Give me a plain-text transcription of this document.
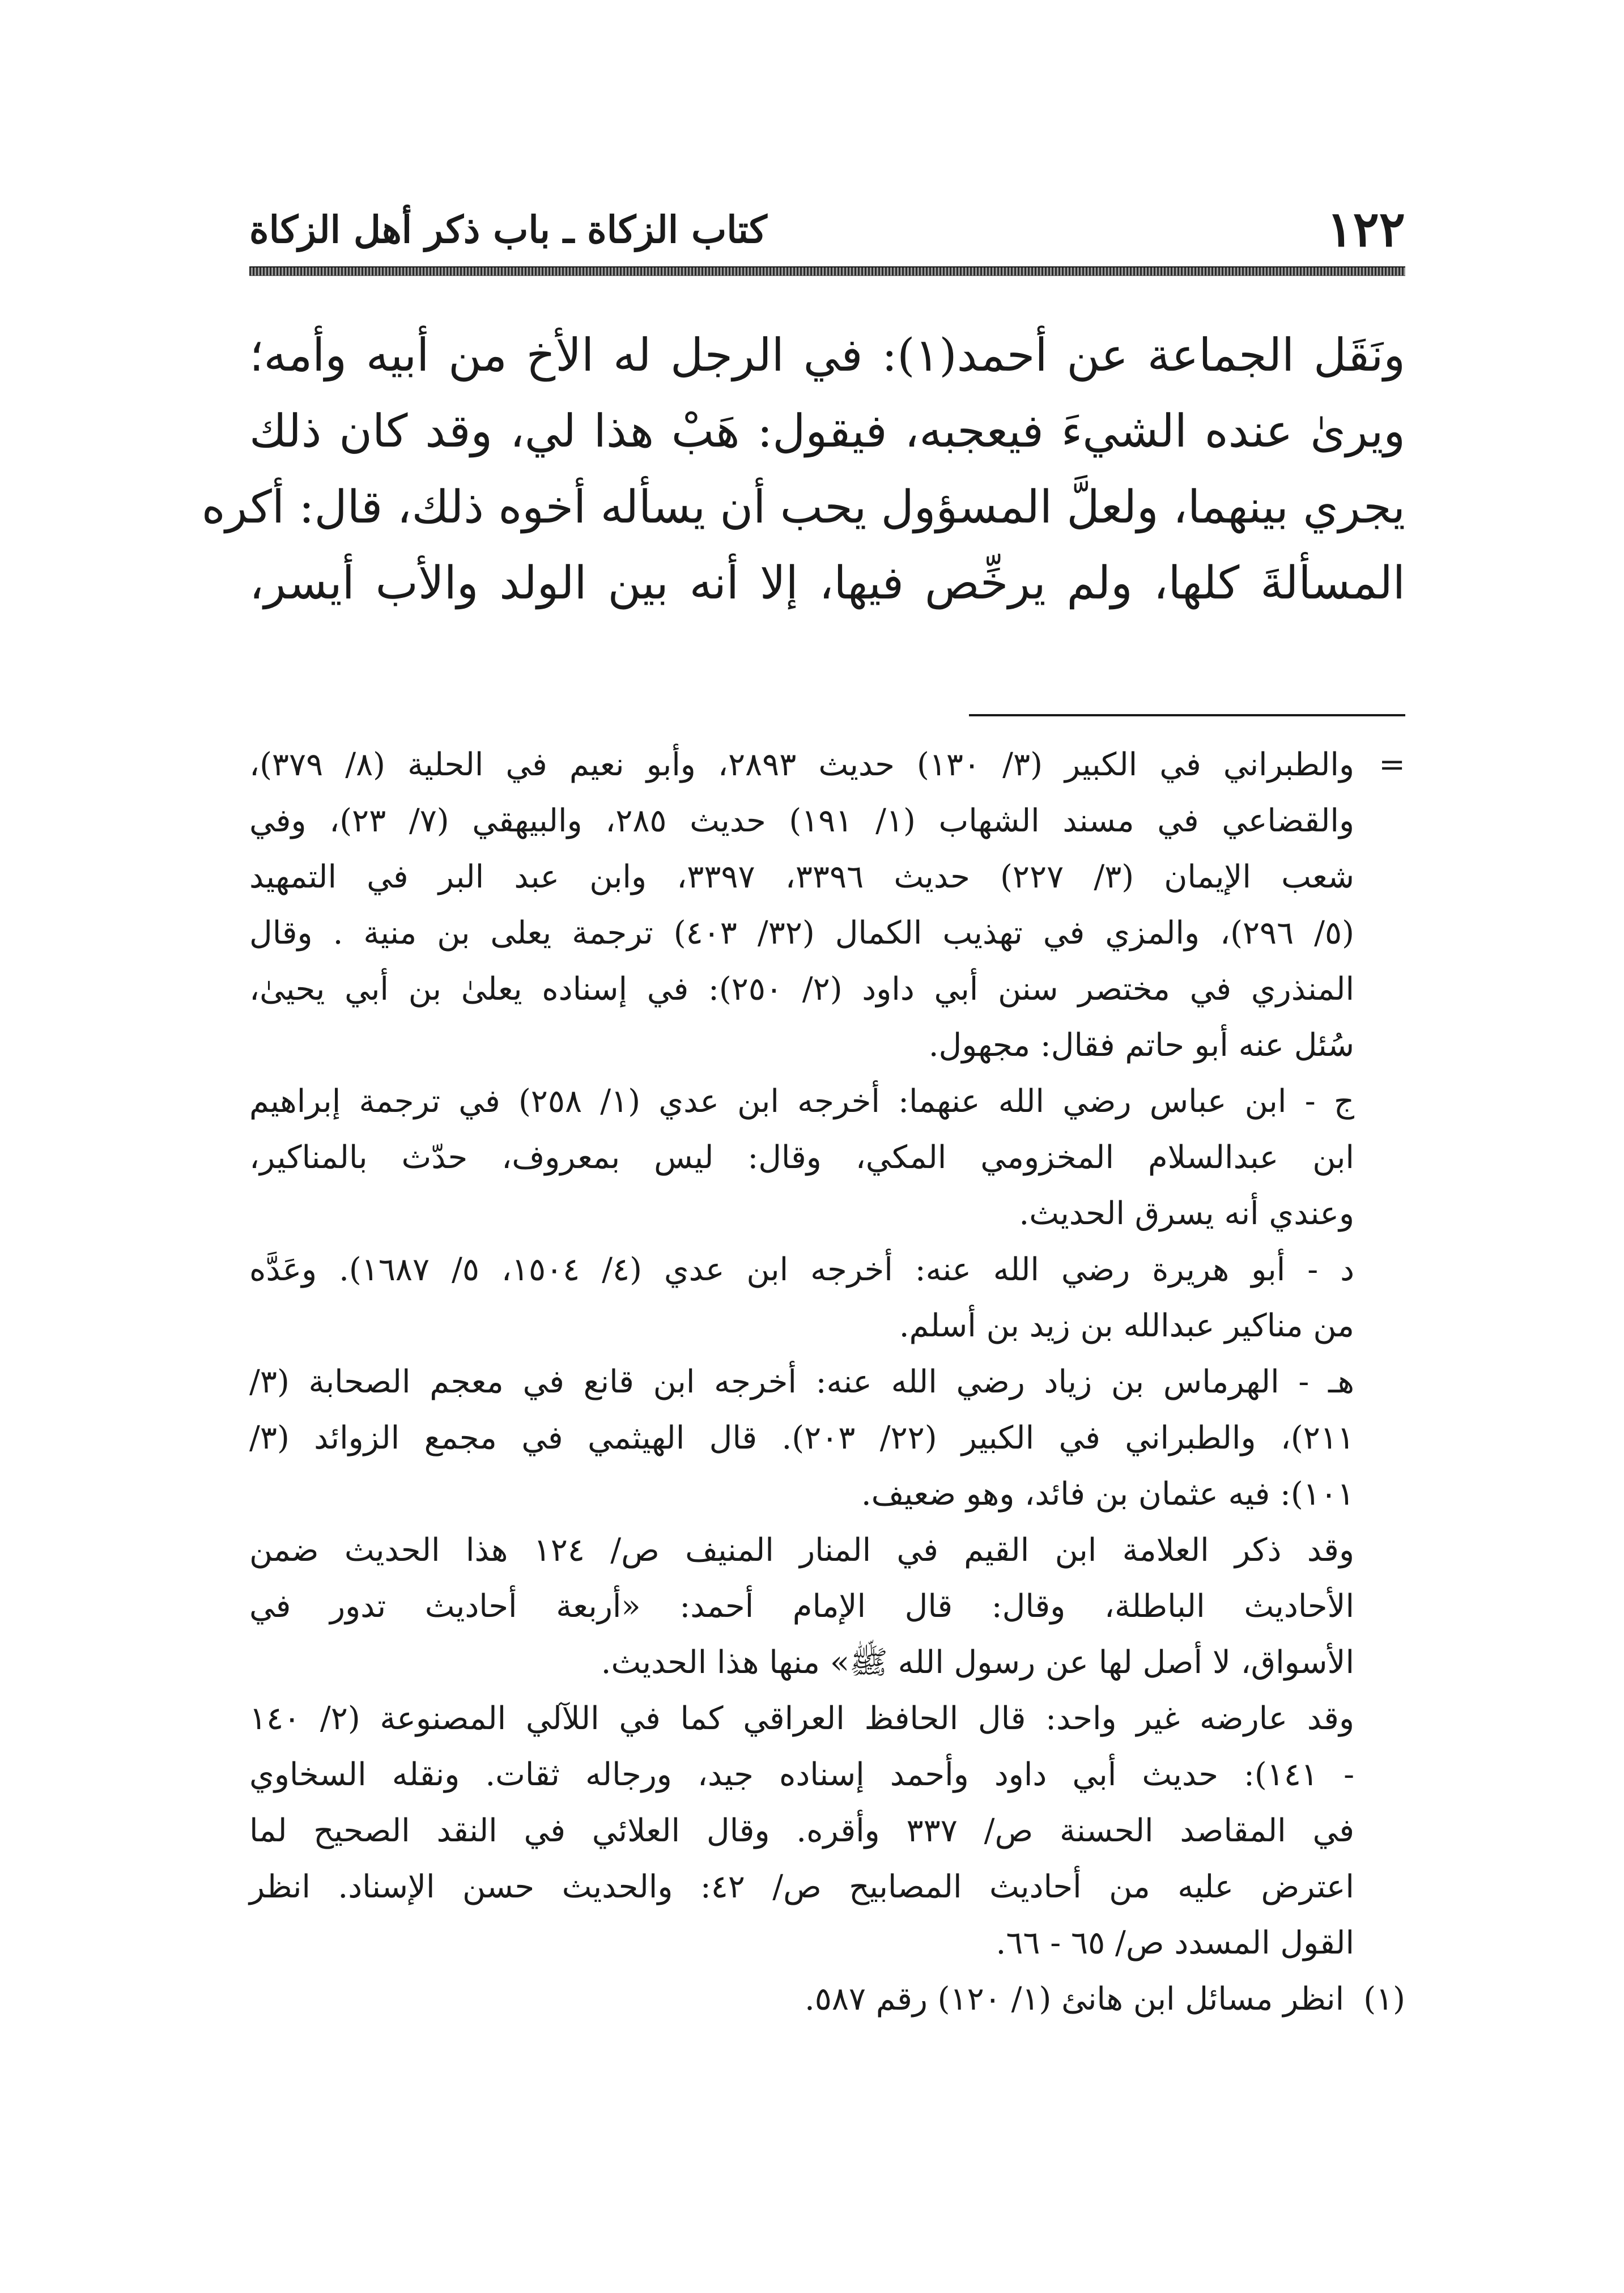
١٢٢
كتاب الزكاة ـ باب ذكر أهل الزكاة
ونَقَل الجماعة عن أحمد(١): في الرجل له الأخ من أبيه وأمه؛
ويرىٰ عنده الشيءَ فيعجبه، فيقول: هَبْ هذا لي، وقد كان ذلك
يجري بينهما، ولعلَّ المسؤول يحب أن يسأله أخوه ذلك، قال: أكره
المسألةَ كلها، ولم يرخِّص فيها، إلا أنه بين الولد والأب أيسر،
=والطبراني في الكبير (٣/ ١٣٠) حديث ٢٨٩٣، وأبو نعيم في الحلية (٨/ ٣٧٩)،
والقضاعي في مسند الشهاب (١/ ١٩١) حديث ٢٨٥، والبيهقي (٧/ ٢٣)، وفي
شعب الإيمان (٣/ ٢٢٧) حديث ٣٣٩٦، ٣٣٩٧، وابن عبد البر في التمهيد
(٥/ ٢٩٦)، والمزي في تهذيب الكمال (٣٢/ ٤٠٣) ترجمة يعلى بن منية . وقال
المنذري في مختصر سنن أبي داود (٢/ ٢٥٠): في إسناده يعلىٰ بن أبي يحيىٰ،
سُئل عنه أبو حاتم فقال: مجهول.
ج - ابن عباس رضي الله عنهما: أخرجه ابن عدي (١/ ٢٥٨) في ترجمة إبراهيم
ابن عبدالسلام المخزومي المكي، وقال: ليس بمعروف، حدّث بالمناكير،
وعندي أنه يسرق الحديث.
د - أبو هريرة رضي الله عنه: أخرجه ابن عدي (٤/ ١٥٠٤، ٥/ ١٦٨٧). وعَدَّه
من مناكير عبدالله بن زيد بن أسلم.
هـ - الهرماس بن زياد رضي الله عنه: أخرجه ابن قانع في معجم الصحابة (٣/
٢١١)، والطبراني في الكبير (٢٢/ ٢٠٣). قال الهيثمي في مجمع الزوائد (٣/
١٠١): فيه عثمان بن فائد، وهو ضعيف.
وقد ذكر العلامة ابن القيم في المنار المنيف ص/ ١٢٤ هذا الحديث ضمن
الأحاديث الباطلة، وقال: قال الإمام أحمد: «أربعة أحاديث تدور في
الأسواق، لا أصل لها عن رسول الله ﷺ» منها هذا الحديث.
وقد عارضه غير واحد: قال الحافظ العراقي كما في اللآلي المصنوعة (٢/ ١٤٠
- ١٤١): حديث أبي داود وأحمد إسناده جيد، ورجاله ثقات. ونقله السخاوي
في المقاصد الحسنة ص/ ٣٣٧ وأقره. وقال العلائي في النقد الصحيح لما
اعترض عليه من أحاديث المصابيح ص/ ٤٢: والحديث حسن الإسناد. انظر
القول المسدد ص/ ٦٥ - ٦٦.
(١) انظر مسائل ابن هانئ (١/ ١٢٠) رقم ٥٨٧.
